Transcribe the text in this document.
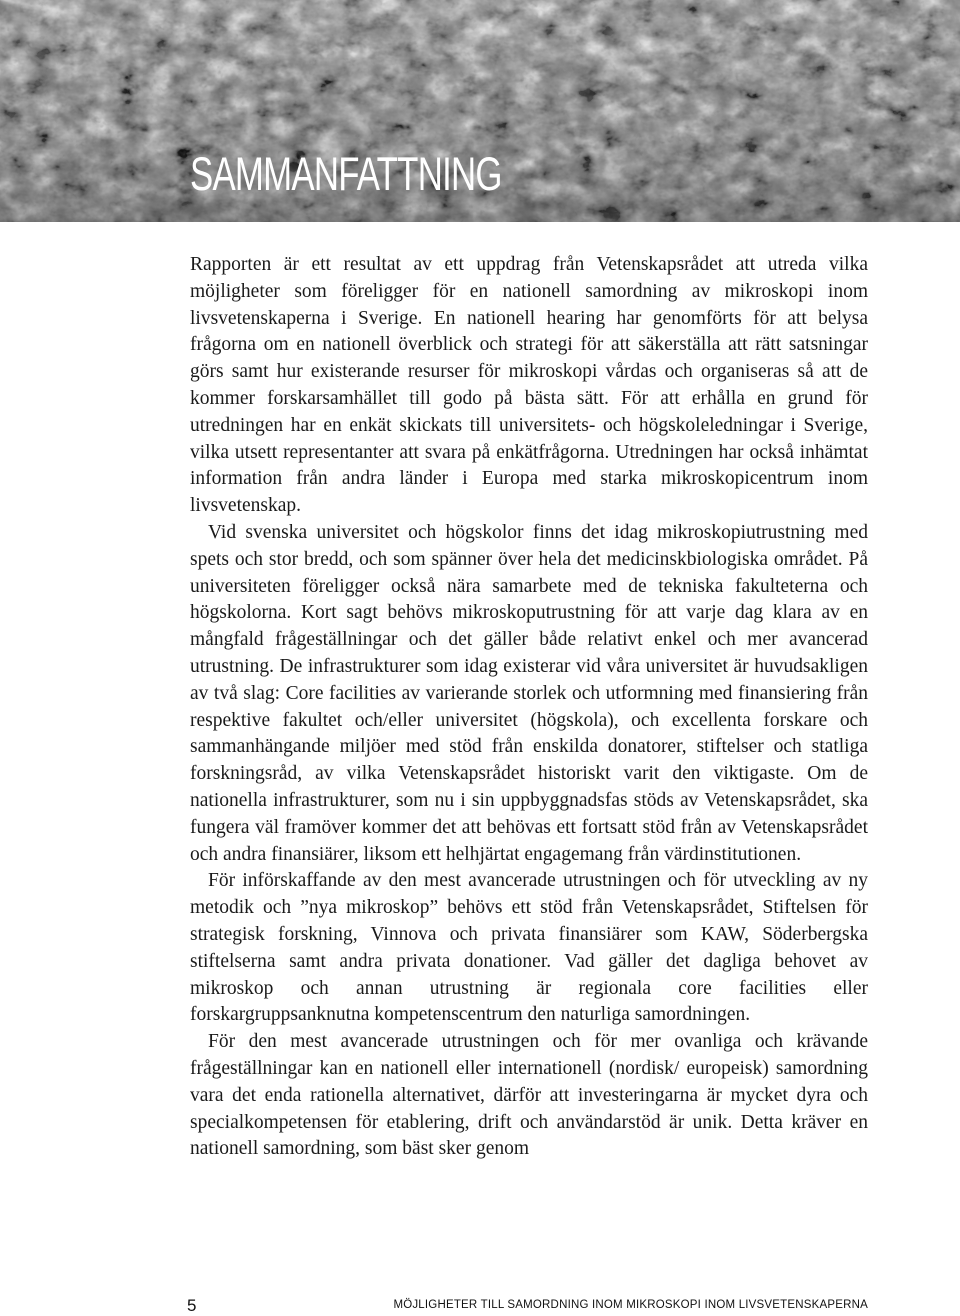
SAMMANFATTNING

Rapporten är ett resultat av ett uppdrag från Vetenskapsrådet att utreda vilka möjligheter som föreligger för en nationell samordning av mikroskopi inom livsvetenskaperna i Sverige. En nationell hearing har genomförts för att belysa frågorna om en nationell överblick och strategi för att säkerställa att rätt satsningar görs samt hur existerande resurser för mikroskopi vårdas och organiseras så att de kommer forskarsamhället till godo på bästa sätt. För att erhålla en grund för utredningen har en enkät skickats till universitets- och högskoleledningar i Sverige, vilka utsett representanter att svara på enkätfrågorna. Utredningen har också inhämtat information från andra länder i Europa med starka mikroskopicentrum inom livsvetenskap.

Vid svenska universitet och högskolor finns det idag mikroskopiutrustning med spets och stor bredd, och som spänner över hela det medicinskbiologiska området. På universiteten föreligger också nära samarbete med de tekniska fakulteterna och högskolorna. Kort sagt behövs mikroskoputrustning för att varje dag klara av en mångfald frågeställningar och det gäller både relativt enkel och mer avancerad utrustning. De infrastrukturer som idag existerar vid våra universitet är huvudsakligen av två slag: Core facilities av varierande storlek och utformning med finansiering från respektive fakultet och/eller universitet (högskola), och excellenta forskare och sammanhängande miljöer med stöd från enskilda donatorer, stiftelser och statliga forskningsråd, av vilka Vetenskapsrådet historiskt varit den viktigaste. Om de nationella infrastrukturer, som nu i sin uppbyggnadsfas stöds av Vetenskapsrådet, ska fungera väl framöver kommer det att behövas ett fortsatt stöd från av Vetenskapsrådet och andra finansiärer, liksom ett helhjärtat engagemang från värdinstitutionen.

För införskaffande av den mest avancerade utrustningen och för utveckling av ny metodik och ”nya mikroskop” behövs ett stöd från Vetenskapsrådet, Stiftelsen för strategisk forskning, Vinnova och privata finansiärer som KAW, Söderbergska stiftelserna samt andra privata donationer. Vad gäller det dagliga behovet av mikroskop och annan utrustning är regionala core facilities eller forskargruppsanknutna kompetenscentrum den naturliga samordningen.

För den mest avancerade utrustningen och för mer ovanliga och krävande frågeställningar kan en nationell eller internationell (nordisk/ europeisk) samordning vara det enda rationella alternativet, därför att investeringarna är mycket dyra och specialkompetensen för etablering, drift och användarstöd är unik. Detta kräver en nationell samordning, som bäst sker genom

5	MÖJLIGHETER TILL SAMORDNING INOM MIKROSKOPI INOM LIVSVETENSKAPERNA
